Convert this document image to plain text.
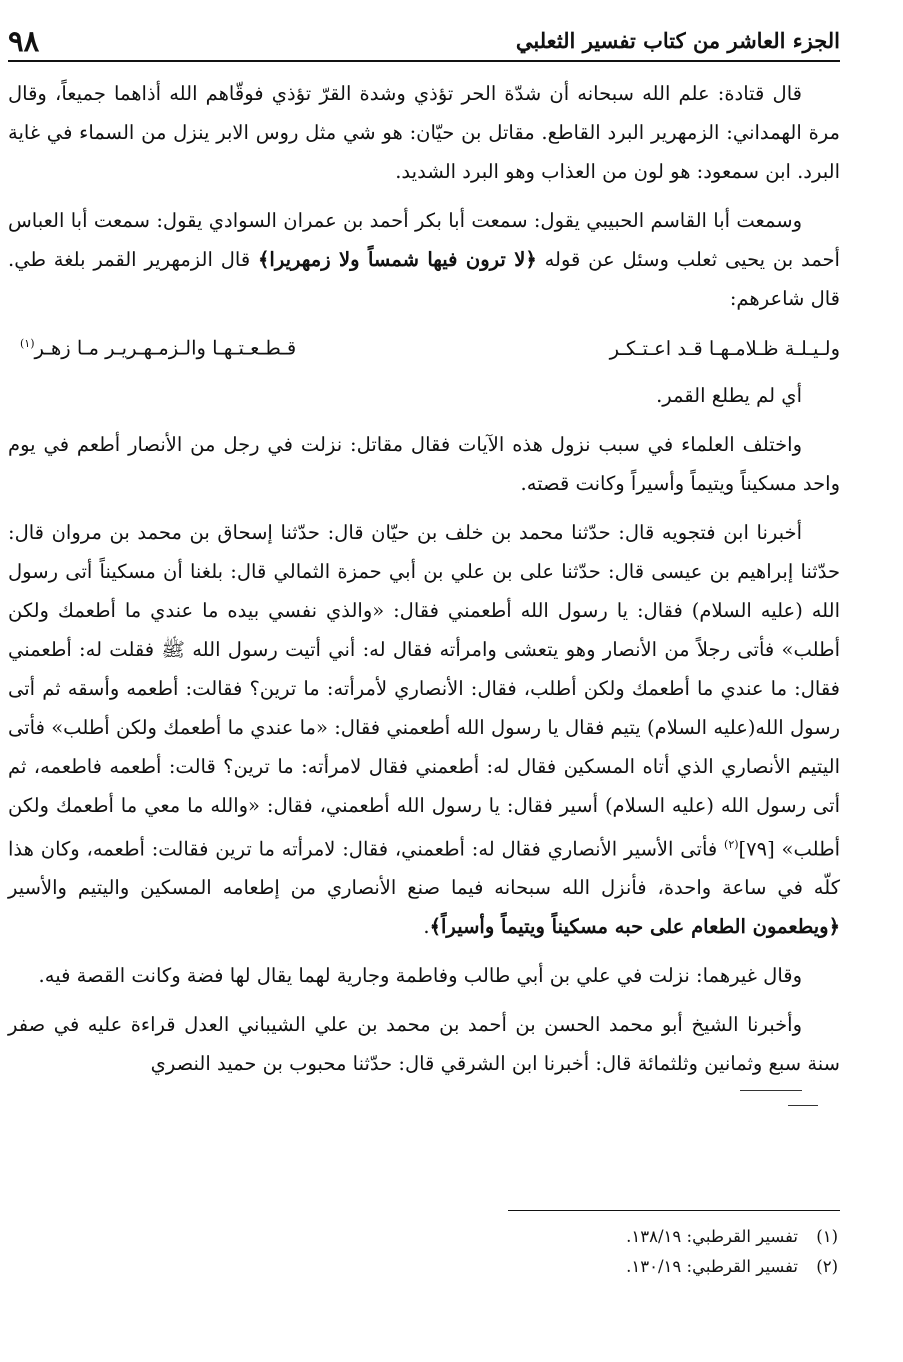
الجزء العاشر من كتاب تفسير الثعلبي
٩٨

قال قتادة: علم الله سبحانه أن شدّة الحر تؤذي وشدة القرّ تؤذي فوقّاهم الله أذاهما جميعاً، وقال مرة الهمداني: الزمهرير البرد القاطع. مقاتل بن حيّان: هو شي مثل روس الابر ينزل من السماء في غاية البرد. ابن سمعود: هو لون من العذاب وهو البرد الشديد.

وسمعت أبا القاسم الحبيبي يقول: سمعت أبا بكر أحمد بن عمران السوادي يقول: سمعت أبا العباس أحمد بن يحيى ثعلب وسئل عن قوله ﴿لا ترون فيها شمساً ولا زمهريرا﴾ قال الزمهرير القمر بلغة طي. قال شاعرهم:

ولـيـلـة ظـلامـهـا قـد اعـتـكـر
قـطـعـتـهـا والـزمـهـريـر مـا زهـر$^{(١)}$

أي لم يطلع القمر.

واختلف العلماء في سبب نزول هذه الآيات فقال مقاتل: نزلت في رجل من الأنصار أطعم في يوم واحد مسكيناً ويتيماً وأسيراً وكانت قصته.

أخبرنا ابن فتجويه قال: حدّثنا محمد بن خلف بن حيّان قال: حدّثنا إسحاق بن محمد بن مروان قال: حدّثنا إبراهيم بن عيسى قال: حدّثنا على بن علي بن أبي حمزة الثمالي قال: بلغنا أن مسكيناً أتى رسول الله (عليه السلام) فقال: يا رسول الله أطعمني فقال: «والذي نفسي بيده ما عندي ما أطعمك ولكن أطلب» فأتى رجلاً من الأنصار وهو يتعشى وامرأته فقال له: أني أتيت رسول الله ﷺ فقلت له: أطعمني فقال: ما عندي ما أطعمك ولكن أطلب، فقال: الأنصاري لأمرأته: ما ترين؟ فقالت: أطعمه وأسقه ثم أتى رسول الله(عليه السلام) يتيم فقال يا رسول الله أطعمني فقال: «ما عندي ما أطعمك ولكن أطلب» فأتى اليتيم الأنصاري الذي أتاه المسكين فقال له: أطعمني فقال لامرأته: ما ترين؟ قالت: أطعمه فاطعمه، ثم أتى رسول الله (عليه السلام) أسير فقال: يا رسول الله أطعمني، فقال: «والله ما معي ما أطعمك ولكن أطلب» [٧٩]$^{(٢)}$ فأتى الأسير الأنصاري فقال له: أطعمني، فقال: لامرأته ما ترين فقالت: أطعمه، وكان هذا كلّه في ساعة واحدة، فأنزل الله سبحانه فيما صنع الأنصاري من إطعامه المسكين واليتيم والأسير ﴿ويطعمون الطعام على حبه مسكيناً ويتيماً وأسيراً﴾.

وقال غيرهما: نزلت في علي بن أبي طالب وفاطمة وجارية لهما يقال لها فضة وكانت القصة فيه.

وأخبرنا الشيخ أبو محمد الحسن بن أحمد بن محمد بن علي الشيباني العدل قراءة عليه في صفر سنة سبع وثمانين وثلثمائة قال: أخبرنا ابن الشرقي قال: حدّثنا محبوب بن حميد النصري

(١)تفسير القرطبي: ١٣٨/١٩.

(٢)تفسير القرطبي: ١٣٠/١٩.
